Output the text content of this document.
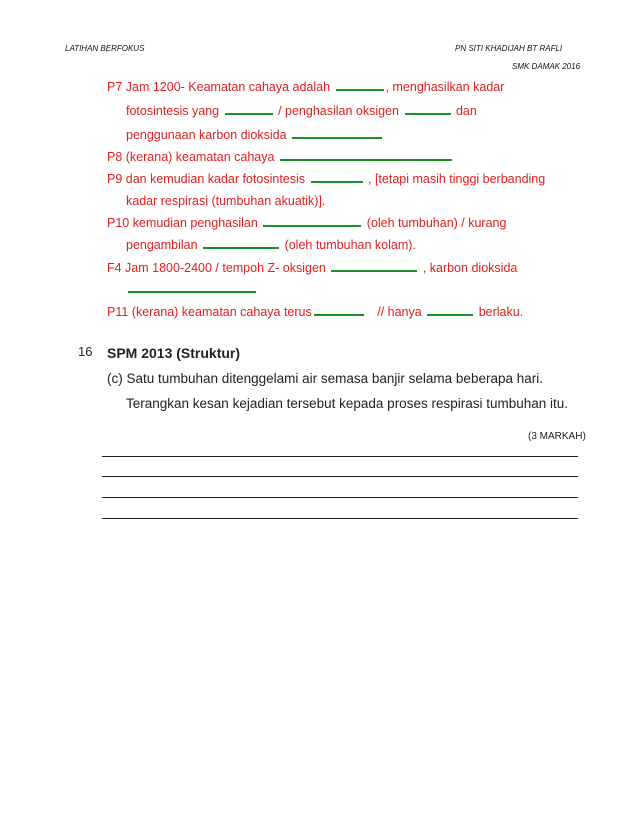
LATIHAN BERFOKUS	PN SITI KHADIJAH BT RAFLI
SMK DAMAK 2016
P7 Jam 1200- Keamatan cahaya adalah	, menghasilkan kadar
fotosintesis yang	/ penghasilan oksigen	dan
penggunaan karbon dioksida
P8 (kerana) keamatan cahaya
P9 dan kemudian kadar fotosintesis	, [tetapi masih tinggi berbanding
kadar respirasi (tumbuhan akuatik)].
P10 kemudian penghasilan	(oleh tumbuhan) / kurang
pengambilan	(oleh tumbuhan kolam).
F4 Jam 1800-2400 / tempoh Z- oksigen	, karbon dioksida
P11 (kerana) keamatan cahaya terus	// hanya	berlaku.
16 SPM 2013 (Struktur)
(c) Satu tumbuhan ditenggelami air semasa banjir selama beberapa hari.
Terangkan kesan kejadian tersebut kepada proses respirasi tumbuhan itu.
(3 MARKAH)
